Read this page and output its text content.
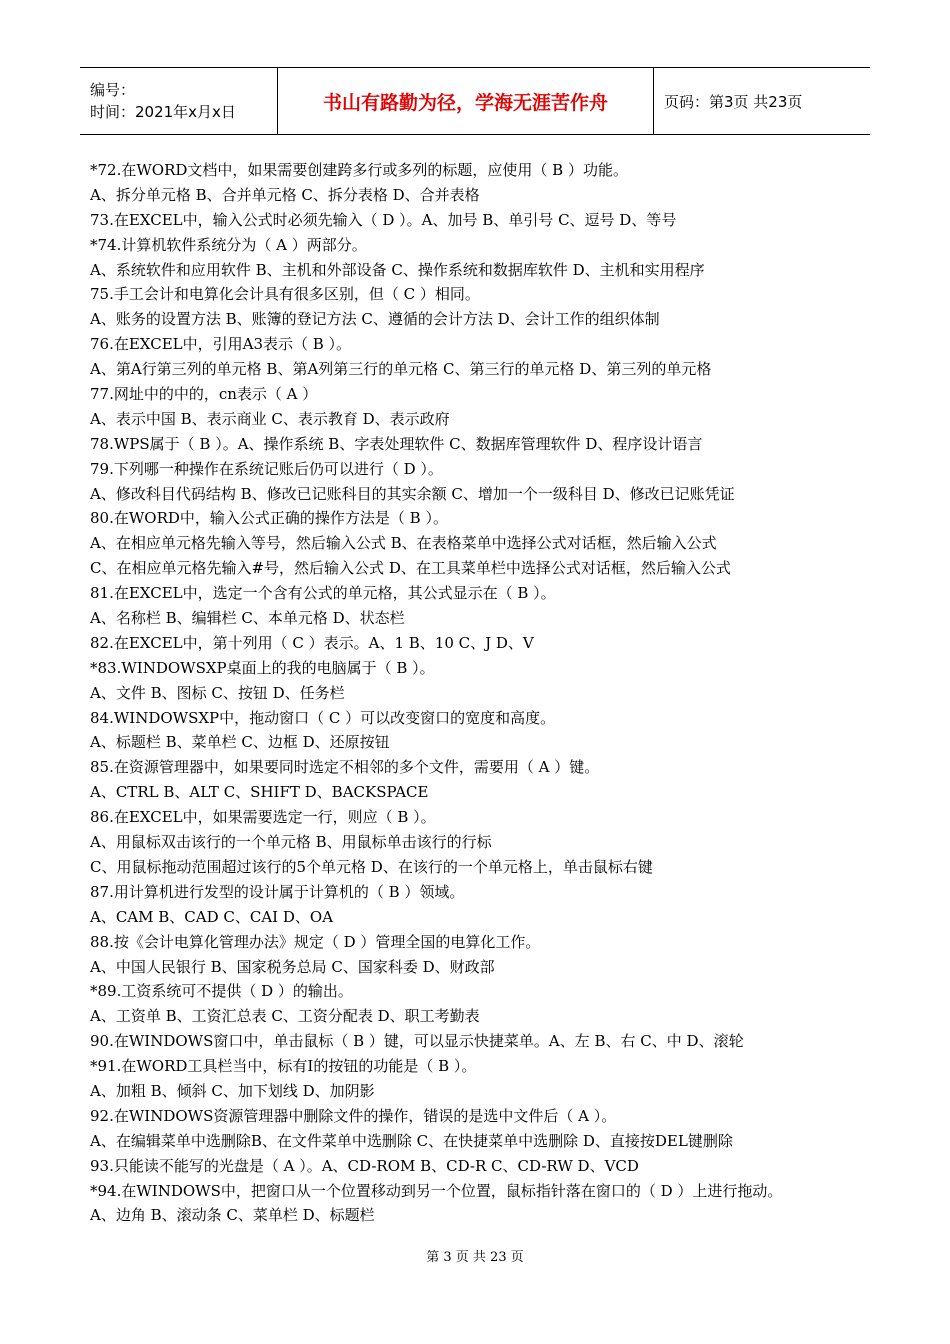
编号：
时间：2021年x月x日	书山有路勤为径，学海无涯苦作舟	页码：第3页 共23页
*72.在WORD文档中，如果需要创建跨多行或多列的标题，应使用（ B ）功能。
A、拆分单元格 B、合并单元格 C、拆分表格 D、合并表格
73.在EXCEL中，输入公式时必须先输入（ D ）。A、加号 B、单引号 C、逗号 D、等号
*74.计算机软件系统分为（ A ）两部分。
A、系统软件和应用软件 B、主机和外部设备 C、操作系统和数据库软件 D、主机和实用程序
75.手工会计和电算化会计具有很多区别，但（ C ）相同。
A、账务的设置方法 B、账簿的登记方法 C、遵循的会计方法 D、会计工作的组织体制
76.在EXCEL中，引用A3表示（ B ）。
A、第A行第三列的单元格 B、第A列第三行的单元格 C、第三行的单元格 D、第三列的单元格
77.网址中的中的，cn表示（ A ）
A、表示中国 B、表示商业 C、表示教育 D、表示政府
78.WPS属于（ B ）。A、操作系统 B、字表处理软件 C、数据库管理软件 D、程序设计语言
79.下列哪一种操作在系统记账后仍可以进行（ D ）。
A、修改科目代码结构 B、修改已记账科目的其实余额 C、增加一个一级科目 D、修改已记账凭证
80.在WORD中，输入公式正确的操作方法是（ B ）。
A、在相应单元格先输入等号，然后输入公式 B、在表格菜单中选择公式对话框，然后输入公式
C、在相应单元格先输入#号，然后输入公式 D、在工具菜单栏中选择公式对话框，然后输入公式
81.在EXCEL中，选定一个含有公式的单元格，其公式显示在（ B ）。
A、名称栏 B、编辑栏 C、本单元格 D、状态栏
82.在EXCEL中，第十列用（ C ）表示。A、1 B、10 C、J D、V
*83.WINDOWSXP桌面上的我的电脑属于（ B ）。
A、文件 B、图标 C、按钮 D、任务栏
84.WINDOWSXP中，拖动窗口（ C ）可以改变窗口的宽度和高度。
A、标题栏 B、菜单栏 C、边框 D、还原按钮
85.在资源管理器中，如果要同时选定不相邻的多个文件，需要用（ A ）键。
A、CTRL B、ALT C、SHIFT D、BACKSPACE
86.在EXCEL中，如果需要选定一行，则应（ B ）。
A、用鼠标双击该行的一个单元格 B、用鼠标单击该行的行标
C、用鼠标拖动范围超过该行的5个单元格 D、在该行的一个单元格上，单击鼠标右键
87.用计算机进行发型的设计属于计算机的（ B ）领域。
A、CAM B、CAD C、CAI D、OA
88.按《会计电算化管理办法》规定（ D ）管理全国的电算化工作。
A、中国人民银行 B、国家税务总局 C、国家科委 D、财政部
*89.工资系统可不提供（ D ）的输出。
A、工资单 B、工资汇总表 C、工资分配表 D、职工考勤表
90.在WINDOWS窗口中，单击鼠标（ B ）键，可以显示快捷菜单。A、左 B、右 C、中 D、滚轮
*91.在WORD工具栏当中，标有I的按钮的功能是（ B ）。
A、加粗 B、倾斜 C、加下划线 D、加阴影
92.在WINDOWS资源管理器中删除文件的操作，错误的是选中文件后（ A ）。
A、在编辑菜单中选删除B、在文件菜单中选删除 C、在快捷菜单中选删除 D、直接按DEL键删除
93.只能读不能写的光盘是（ A ）。A、CD-ROM B、CD-R C、CD-RW D、VCD
*94.在WINDOWS中，把窗口从一个位置移动到另一个位置，鼠标指针落在窗口的（ D ）上进行拖动。
A、边角 B、滚动条 C、菜单栏 D、标题栏
第 3 页 共 23 页
